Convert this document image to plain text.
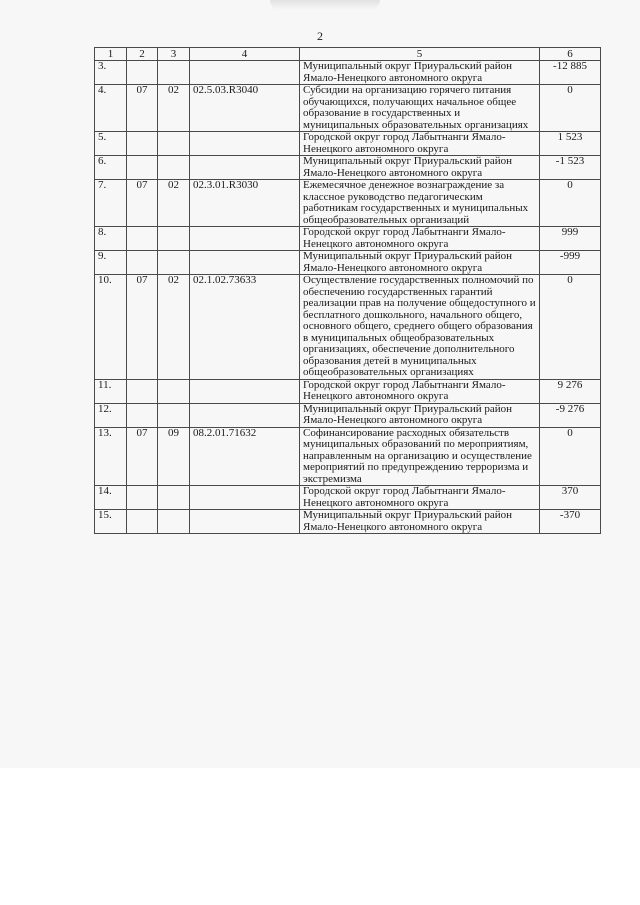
2
1	2	3	4	5	6
3.				Муниципальный округ Приуральский район Ямало-Ненецкого автономного округа	-12 885
4.	07	02	02.5.03.R3040	Субсидии на организацию горячего питания обучающихся, получающих начальное общее образование в государственных и муниципальных образовательных организациях	0
5.				Городской округ город Лабытнанги Ямало-Ненецкого автономного округа	1 523
6.				Муниципальный округ Приуральский район Ямало-Ненецкого автономного округа	-1 523
7.	07	02	02.3.01.R3030	Ежемесячное денежное вознаграждение за классное руководство педагогическим работникам государственных и муниципальных общеобразовательных организаций	0
8.				Городской округ город Лабытнанги Ямало-Ненецкого автономного округа	999
9.				Муниципальный округ Приуральский район Ямало-Ненецкого автономного округа	-999
10.	07	02	02.1.02.73633	Осуществление государственных полномочий по обеспечению государственных гарантий реализации прав на получение общедоступного и бесплатного дошкольного, начального общего, основного общего, среднего общего образования в муниципальных общеобразовательных организациях, обеспечение дополнительного образования детей в муниципальных общеобразовательных организациях	0
11.				Городской округ город Лабытнанги Ямало-Ненецкого автономного округа	9 276
12.				Муниципальный округ Приуральский район Ямало-Ненецкого автономного округа	-9 276
13.	07	09	08.2.01.71632	Софинансирование расходных обязательств муниципальных образований по мероприятиям, направленным на организацию и осуществление мероприятий по предупреждению терроризма и экстремизма	0
14.				Городской округ город Лабытнанги Ямало-Ненецкого автономного округа	370
15.				Муниципальный округ Приуральский район Ямало-Ненецкого автономного округа	-370
